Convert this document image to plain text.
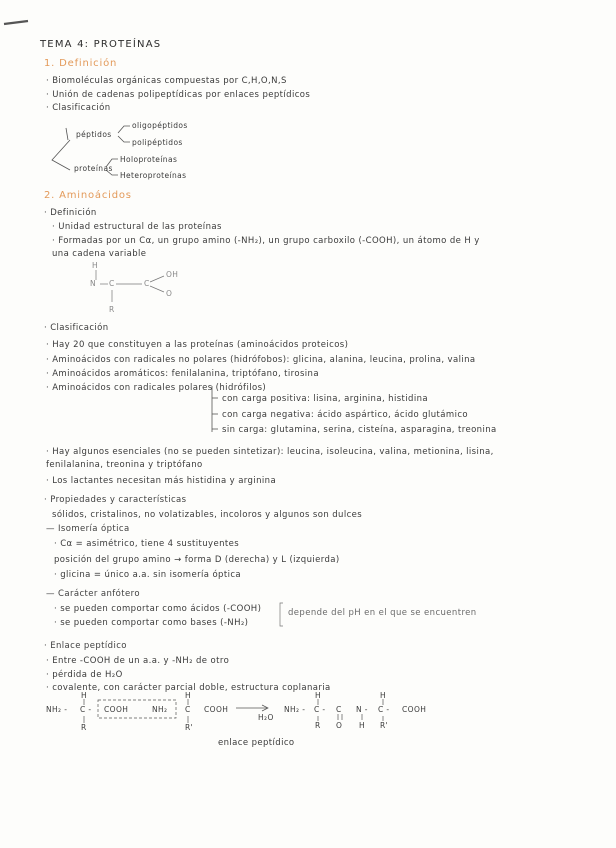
TEMA 4: PROTEÍNAS
1. Definición
· Biomoléculas orgánicas compuestas por C,H,O,N,S
· Unión de cadenas polipeptídicas por enlaces peptídicos
· Clasificación
péptidos
oligopéptidos
polipéptidos
proteínas
Holoproteínas
Heteroproteínas
2. Aminoácidos
· Definición
· Unidad estructural de las proteínas
· Formadas por un Cα, un grupo amino (-NH₂), un grupo carboxilo (-COOH), un átomo de H y
una cadena variable
H
N C	C
OH
O
R
· Clasificación
· Hay 20 que constituyen a las proteínas (aminoácidos proteicos)
· Aminoácidos con radicales no polares (hidrófobos): glicina, alanina, leucina, prolina, valina
· Aminoácidos aromáticos: fenilalanina, triptófano, tirosina
· Aminoácidos con radicales polares (hidrófilos)
con carga positiva: lisina, arginina, histidina
con carga negativa: ácido aspártico, ácido glutámico
sin carga: glutamina, serina, cisteína, asparagina, treonina
· Hay algunos esenciales (no se pueden sintetizar): leucina, isoleucina, valina, metionina, lisina,
fenilalanina, treonina y triptófano
· Los lactantes necesitan más histidina y arginina
· Propiedades y características
sólidos, cristalinos, no volatizables, incoloros y algunos son dulces
— Isomería óptica
· Cα = asimétrico, tiene 4 sustituyentes
posición del grupo amino → forma D (derecha) y L (izquierda)
· glicina = único a.a. sin isomería óptica
— Carácter anfótero
· se pueden comportar como ácidos (-COOH)
· se pueden comportar como bases (-NH₂)
depende del pH en el que se encuentren
· Enlace peptídico
· Entre -COOH de un a.a. y -NH₂ de otro
· pérdida de H₂O
· covalente, con carácter parcial doble, estructura coplanaria
H
NH₂ - C - COOH	NH₂ C COOH
H
R	R'
H₂O
H
NH₂ - C - C N - C - COOH
H
R O H R'
enlace peptídico
